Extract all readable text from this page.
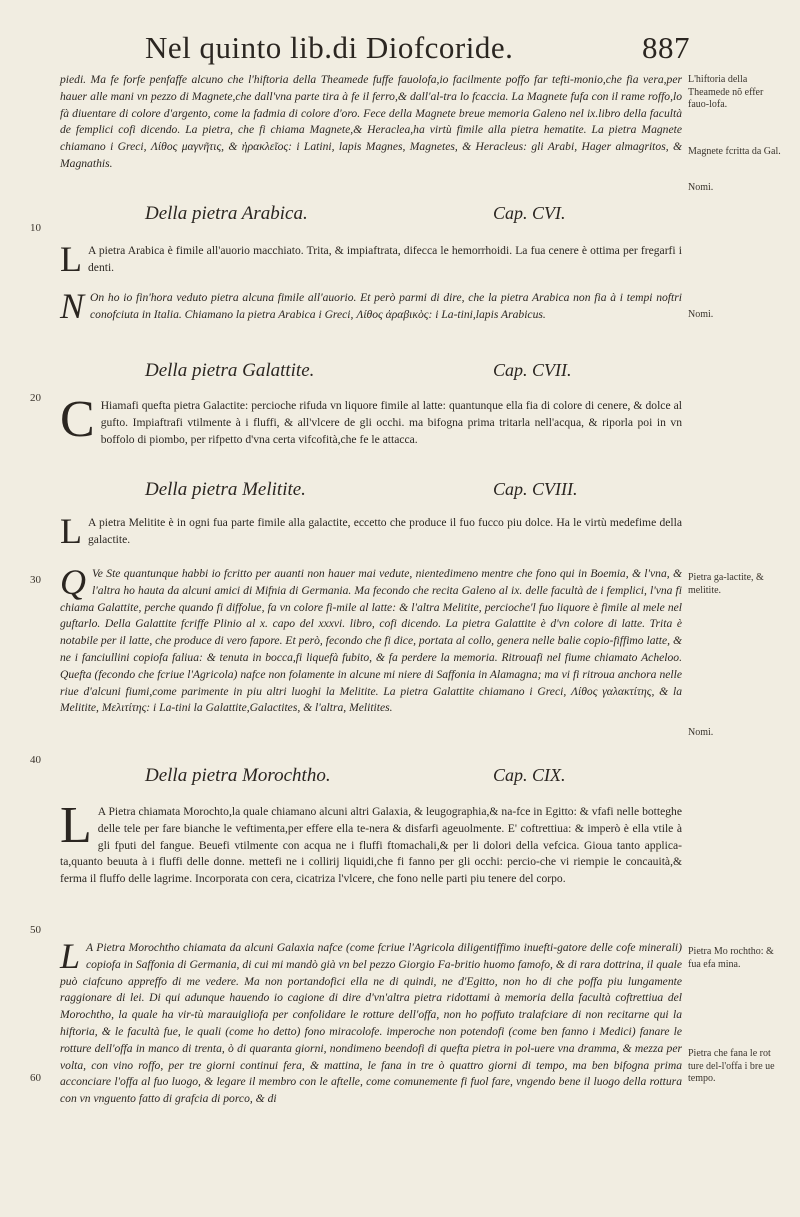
Nel quinto lib.di Diofcoride.	887
10
20
30
40
50
60
piedi. Ma fe forfe penfaffe alcuno che l'hiftoria della Theamede fuffe fauolofa,io facilmente poffo far tefti-monio,che fia vera,per hauer alle mani vn pezzo di Magnete,che dall'vna parte tira à fe il ferro,& dall'al-tra lo fcaccia. La Magnete fufa con il rame roffo,lo fà diuentare di colore d'argento, come la fadmia di colore d'oro. Fece della Magnete breue memoria Galeno nel ix.libro della facultà de femplici cofi dicendo. La pietra, che fi chiama Magnete,& Heraclea,ha virtù fimile alla pietra hematite. La pietra Magnete chiamano i Greci, Λίθος μαγνῆτις, & ἡρακλεῖος: i Latini, lapis Magnes, Magnetes, & Heracleus: gli Arabi, Hager almagritos, & Magnathis.
Della pietra Arabica.	Cap. CVI.
L A pietra Arabica è fimile all'auorio macchiato. Trita, & impiaftrata, difecca le hemorrhoidi. La fua cenere è ottima per fregarfi i denti.
N On ho io fin'hora veduto pietra alcuna fimile all'auorio. Et però parmi di dire, che la pietra Arabica non fia à i tempi noftri conofciuta in Italia. Chiamano la pietra Arabica i Greci, Λίθος ἀραβικὸς: i La-tini,lapis Arabicus.
Della pietra Galattite.	Cap. CVII.
C Hiamafi quefta pietra Galactite: percioche rifuda vn liquore fimile al latte: quantunque ella fia di colore di cenere, & dolce al gufto. Impiaftrafi vtilmente à i fluffi, & all'vlcere de gli occhi. ma bifogna prima tritarla nell'acqua, & riporla poi in vn boffolo di piombo, per rifpetto d'vna certa vifcofità,che fe le attacca.
Della pietra Melitite.	Cap. CVIII.
L A pietra Melitite è in ogni fua parte fimile alla galactite, eccetto che produce il fuo fucco piu dolce. Ha le virtù medefime della galactite.
Q Ve Ste quantunque habbi io fcritto per auanti non hauer mai vedute, nientedimeno mentre che fono qui in Boemia, & l'vna, & l'altra ho hauta da alcuni amici di Mifnia di Germania. Ma fecondo che recita Galeno al ix. delle facultà de i femplici, l'vna fi chiama Galattite, perche quando fi diffolue, fa vn colore fi-mile al latte: & l'altra Melitite, percioche'l fuo liquore è fimile al mele nel guftarlo. Della Galattite fcriffe Plinio al x. capo del xxxvi. libro, cofi dicendo. La pietra Galattite è d'vn colore di latte. Trita è notabile per il latte, che produce di vero fapore. Et però, fecondo che fi dice, portata al collo, genera nelle balie copio-fiffimo latte, & ne i fanciullini copiofa faliua: & tenuta in bocca,fi liquefà fubito, & fa perdere la memoria. Ritrouafi nel fiume chiamato Acheloo. Quefta (fecondo che fcriue l'Agricola) nafce non folamente in alcune mi niere di Saffonia in Alamagna; ma vi fi ritroua anchora nelle riue d'alcuni fiumi,come parimente in piu altri luoghi la Melitite. La pietra Galattite chiamano i Greci, Λίθος γαλακτίτης, & la Melitite, Μελιτίτης: i La-tini la Galattite,Galactites, & l'altra, Melitites.
Della pietra Morochtho.	Cap. CIX.
L A Pietra chiamata Morochto,la quale chiamano alcuni altri Galaxia, & leugographia,& na-fce in Egitto: & vfafi nelle botteghe delle tele per fare bianche le veftimenta,per effere ella te-nera & disfarfi ageuolmente. E' coftrettiua: & imperò è ella vtile à gli fputi del fangue. Beuefi vtilmente con acqua ne i fluffi ftomachali,& per li dolori della vefcica. Gioua tanto applica-ta,quanto beuuta à i fluffi delle donne. mettefi ne i collirij liquidi,che fi fanno per gli occhi: percio-che vi riempie le concauità,& ferma il fluffo delle lagrime. Incorporata con cera, cicatriza l'vlcere, che fono nelle parti piu tenere del corpo.
L A Pietra Morochtho chiamata da alcuni Galaxia nafce (come fcriue l'Agricola diligentiffimo inuefti-gatore delle cofe minerali) copiofa in Saffonia di Germania, di cui mi mandò già vn bel pezzo Giorgio Fa-britio huomo famofo, & di rara dottrina, il quale può ciafcuno appreffo di me vedere. Ma non portandofici ella ne di quindi, ne d'Egitto, non ho di che poffa piu lungamente raggionare di lei. Di qui adunque hauendo io cagione di dire d'vn'altra pietra ridottami à memoria della facultà coftrettiua del Morochtho, la quale ha vir-tù marauigliofa per confolidare le rotture dell'offa, non ho poffuto tralafciare di non recitarne qui la hiftoria, & le facultà fue, le quali (come ho detto) fono miracolofe. imperoche non potendofi (come ben fanno i Medici) fanare le rotture dell'offa in manco di trenta, ò di quaranta giorni, nondimeno beendofi di quefta pietra in pol-uere vna dramma, & mezza per volta, con vino roffo, per tre giorni continui fera, & mattina, le fana in tre ò quattro giorni di tempo, ma ben bifogna prima acconciare l'offa al fuo luogo, & legare il membro con le aftelle, come comunemente fi fuol fare, vngendo bene il luogo della rottura con vn vnguento fatto di grafcia di porco, & di
L'hiftoria della Theamede nõ effer fauo-lofa.
Magnete fcritta da Gal.
Nomi.
Nomi.
Pietra ga-lactite, & melitite.
Nomi.
Pietra Mo rochtho: & fua efa mina.
Pietra che fana le rot ture del-l'offa i bre ue tempo.
